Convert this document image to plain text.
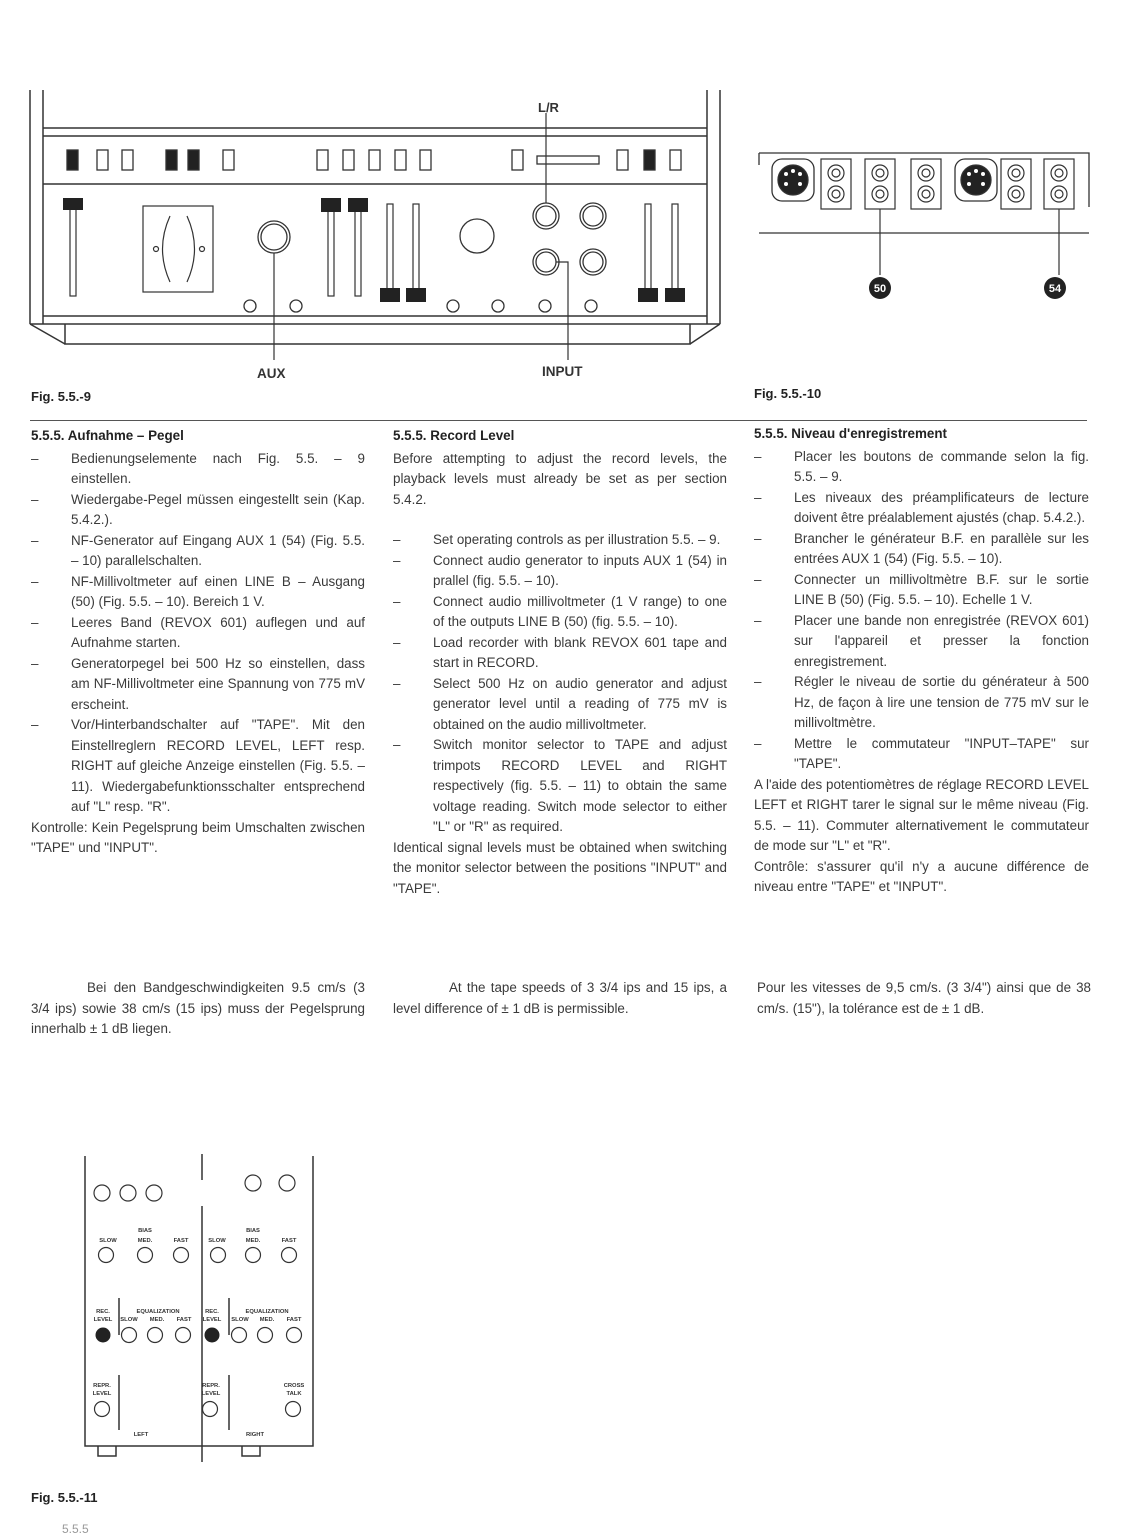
L/R
AUX	INPUT
Fig. 5.5.-9
50	54
Fig. 5.5.-10
5.5.5. Aufnahme – Pegel
–	Bedienungselemente nach Fig. 5.5. – 9 einstellen.
–	Wiedergabe-Pegel müssen eingestellt sein (Kap. 5.4.2.).
–	NF-Generator auf Eingang AUX 1 (54) (Fig. 5.5. – 10) parallelschalten.
–	NF-Millivoltmeter auf einen LINE B – Ausgang (50) (Fig. 5.5. – 10). Bereich 1 V.
–	Leeres Band (REVOX 601) auflegen und auf Aufnahme starten.
–	Generatorpegel bei 500 Hz so einstellen, dass am NF-Millivoltmeter eine Spannung von 775 mV erscheint.
–	Vor/Hinterbandschalter auf "TAPE". Mit den Einstellreglern RECORD LEVEL, LEFT resp. RIGHT auf gleiche Anzeige einstellen (Fig. 5.5. – 11). Wiedergabefunktionsschalter entsprechend auf "L" resp. "R".

Kontrolle: Kein Pegelsprung beim Umschalten zwischen "TAPE" und "INPUT".

Bei den Bandgeschwindigkeiten 9.5 cm/s (3 3/4 ips) sowie 38 cm/s (15 ips) muss der Pegelsprung innerhalb ± 1 dB liegen.
5.5.5. Record Level

Before attempting to adjust the record levels, the playback levels must already be set as per section 5.4.2.

–	Set operating controls as per illustration 5.5. – 9.
–	Connect audio generator to inputs AUX 1 (54) in prallel (fig. 5.5. – 10).
–	Connect audio millivoltmeter (1 V range) to one of the outputs LINE B (50) (fig. 5.5. – 10).
–	Load recorder with blank REVOX 601 tape and start in RECORD.
–	Select 500 Hz on audio generator and adjust generator level until a reading of 775 mV is obtained on the audio millivoltmeter.
–	Switch monitor selector to TAPE and adjust trimpots RECORD LEVEL and RIGHT respectively (fig. 5.5. – 11) to obtain the same voltage reading. Switch mode selector to either "L" or "R" as required.

Identical signal levels must be obtained when switching the monitor selector between the positions "INPUT" and "TAPE".

At the tape speeds of 3 3/4 ips and 15 ips, a level difference of ± 1 dB is permissible.
5.5.5. Niveau d'enregistrement
–	Placer les boutons de commande selon la fig. 5.5. – 9.
–	Les niveaux des préamplificateurs de lecture doivent être préalablement ajustés (chap. 5.4.2.).
–	Brancher le générateur B.F. en parallèle sur les entrées AUX 1 (54) (Fig. 5.5. – 10).
–	Connecter un millivoltmètre B.F. sur le sortie LINE B (50) (Fig. 5.5. – 10). Echelle 1 V.
–	Placer une bande non enregistrée (REVOX 601) sur l'appareil et presser la fonction enregistrement.
–	Régler le niveau de sortie du générateur à 500 Hz, de façon à lire une tension de 775 mV sur le millivoltmètre.
–	Mettre le commutateur "INPUT–TAPE" sur "TAPE".

A l'aide des potentiomètres de réglage RECORD LEVEL LEFT et RIGHT tarer le signal sur le même niveau (Fig. 5.5. – 11). Commuter alternativement le commutateur de mode sur "L" et "R".

Contrôle: s'assurer qu'il n'y a aucune différence de niveau entre "TAPE" et "INPUT".

Pour les vitesses de 9,5 cm/s. (3 3/4") ainsi que de 38 cm/s. (15"), la tolérance est de ± 1 dB.
BIAS	BIAS
SLOW	MED.	FAST	SLOW	MED.	FAST
REC.
LEVEL
EQUALIZATION
SLOW MED. FAST
REC.
LEVEL
EQUALIZATION
SLOW MED. FAST
REPR.
LEVEL
REPR.
LEVEL
CROSS
TALK
LEFT	RIGHT
Fig. 5.5.-11
5.5.5
